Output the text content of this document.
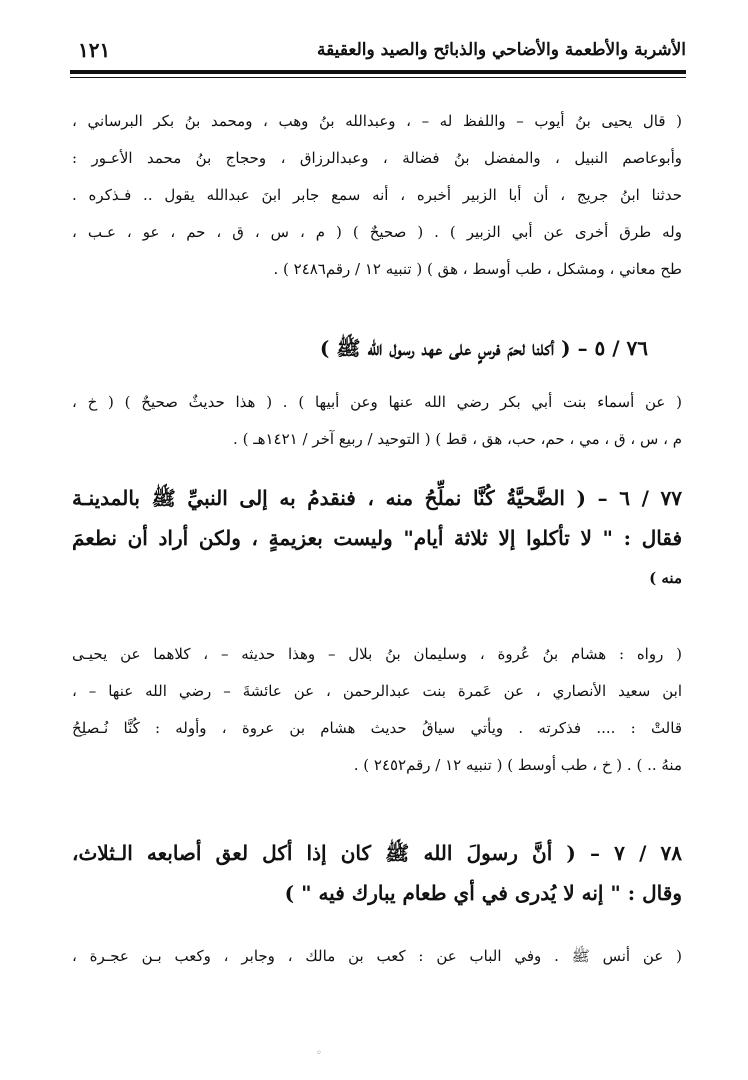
الأشربة والأطعمة والأضاحي والذبائح والصيد والعقيقة
١٢١
( قال يحيى بنُ أيوب – واللفظ له – ، وعبدالله بنُ وهب ، ومحمد بنُ بكر البرساني ،
وأبوعاصم النبيل ، والمفضل بنُ فضالة ، وعبدالرزاق ، وحجاج بنُ محمد الأعـور :
حدثنا ابنُ جريج ، أن أبا الزبير أخبره ، أنه سمع جابر ابنَ عبدالله يقول .. فـذكره .
وله طرق أخرى عن أبي الزبير ) . ( صحيحٌ ) ( م ، س ، ق ، حم ، عو ، عـب ،
طح معاني ، ومشكل ، طب أوسط ، هق ) ( تنبيه ١٢ / رقم٢٤٨٦ ) .
٧٦ / ٥ – ( أكلنا لحمَ فرسٍ على عهد رسول الله ﷺ )
( عن أسماء بنت أبي بكر رضي الله عنها وعن أبيها ) . ( هذا حديثٌ صحيحٌ ) ( خ ،
م ، س ، ق ، مي ، حم، حب، هق ، قط ) ( التوحيد / ربيع آخر / ١٤٢١هـ ) .
٧٧ / ٦ – ( الضَّحيَّةُ كُنَّا نملِّحُ منه ، فنقدمُ به إلى النبيِّ ﷺ بالمدينـة
فقال : " لا تأكلوا إلا ثلاثة أيام" وليست بعزيمةٍ ، ولكن أراد أن نطعمَ
منه )
( رواه : هشام بنُ عُروة ، وسليمان بنُ بلال – وهذا حديثه – ، كلاهما عن يحيـى
ابن سعيد الأنصاري ، عن عَمرة بنت عبدالرحمن ، عن عائشةَ – رضي الله عنها – ،
قالتْ : .... فذكرته . ويأتي سياقُ حديث هشام بن عروة ، وأوله : كُنَّا نُـصلِحُ
منهُ .. ) . ( خ ، طب أوسط ) ( تنبيه ١٢ / رقم٢٤٥٢ ) .
٧٨ / ٧ – ( أنَّ رسولَ الله ﷺ كان إذا أكل لعق أصابعه الـثلاث،
وقال : " إنه لا يُدرى في أي طعام يبارك فيه " )
( عن أنس ﷺ . وفي الباب عن : كعب بن مالك ، وجابر ، وكعب بـن عجـرة ،
◦
